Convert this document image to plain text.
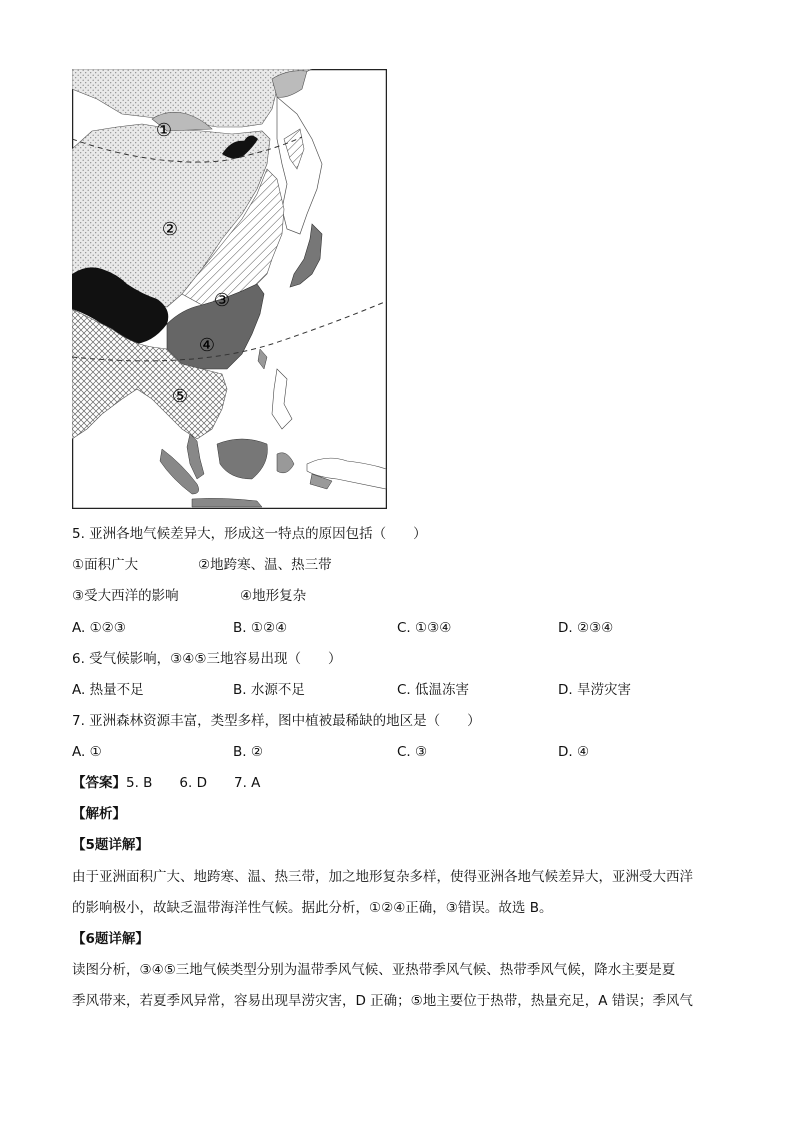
①
②
③
④
⑤
5. 亚洲各地气候差异大，形成这一特点的原因包括（　　）
①面积广大	②地跨寒、温、热三带
③受大西洋的影响	④地形复杂
A. ①②③	B. ①②④	C. ①③④	D. ②③④
6. 受气候影响，③④⑤三地容易出现（　　）
A. 热量不足	B. 水源不足	C. 低温冻害	D. 旱涝灾害
7. 亚洲森林资源丰富，类型多样，图中植被最稀缺的地区是（　　）
A. ①	B. ②	C. ③	D. ④
【答案】5. B　　6. D　　7. A
【解析】
【5题详解】
由于亚洲面积广大、地跨寒、温、热三带，加之地形复杂多样，使得亚洲各地气候差异大，亚洲受大西洋
的影响极小，故缺乏温带海洋性气候。据此分析，①②④正确，③错误。故选 B。
【6题详解】
读图分析，③④⑤三地气候类型分别为温带季风气候、亚热带季风气候、热带季风气候，降水主要是夏
季风带来，若夏季风异常，容易出现旱涝灾害，D 正确；⑤地主要位于热带，热量充足，A 错误；季风气
